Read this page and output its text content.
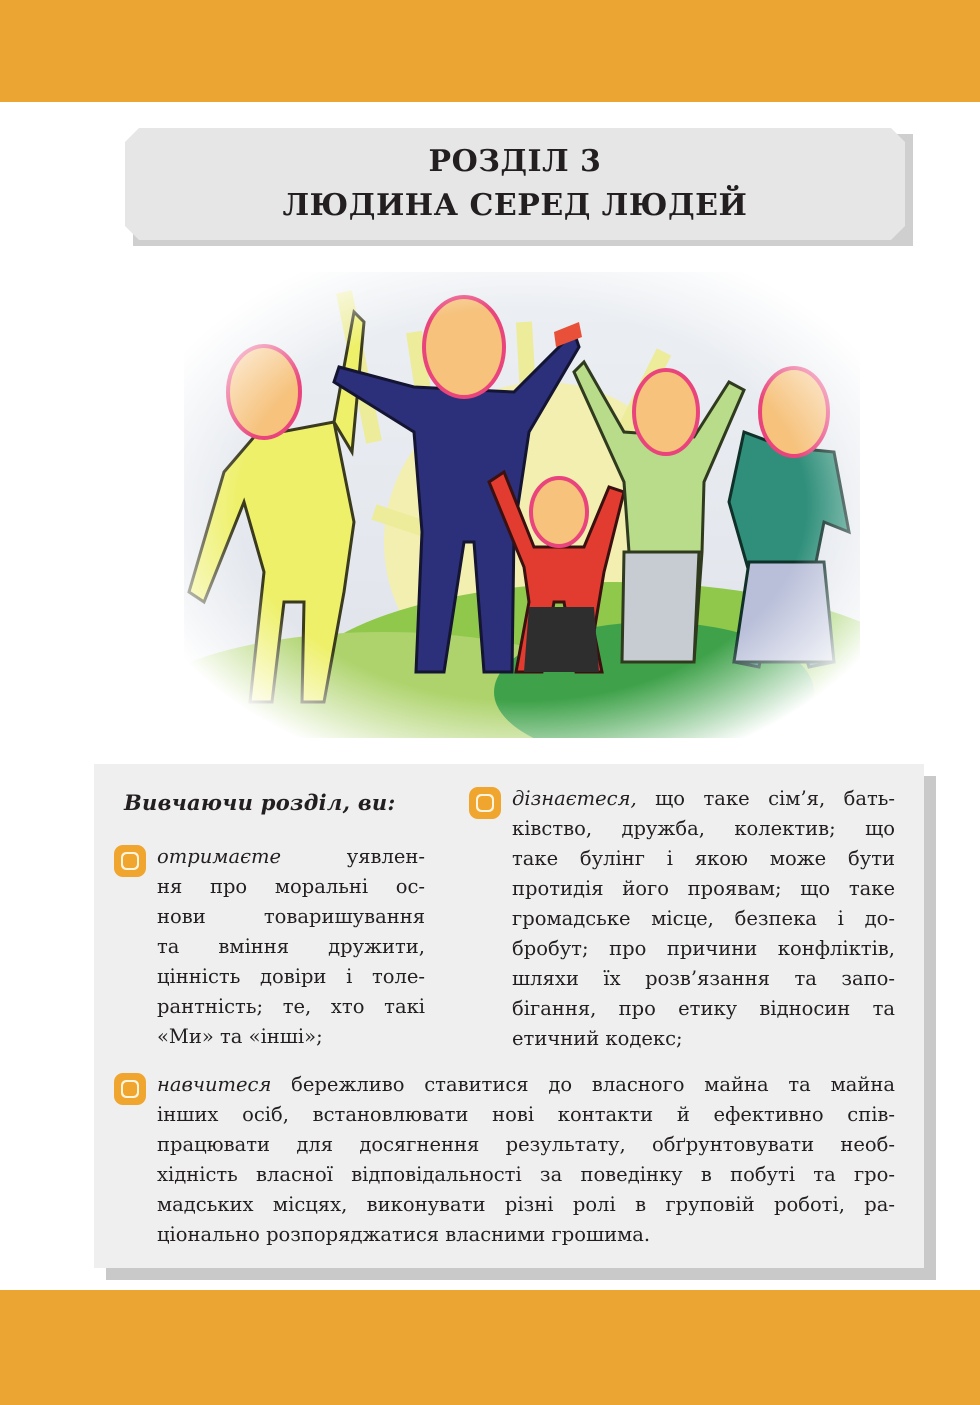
РОЗДІЛ 3
ЛЮДИНА СЕРЕД ЛЮДЕЙ
Вивчаючи розділ, ви:
отримаєте	уявлен-
ня про моральні ос-
нови товаришування
та вміння дружити,
цінність довіри і толе-
рантність; те, хто такі
«Ми» та «інші»;
дізнаєтеся, що таке сім’я, бать-
ківство, дружба, колектив; що
таке булінг і якою може бути
протидія його проявам; що таке
громадське місце, безпека і до-
бробут; про причини конфліктів,
шляхи їх розв’язання та запо-
бігання, про етику відносин та
етичний кодекс;
навчитеся бережливо ставитися до власного майна та майна
інших осіб, встановлювати нові контакти й ефективно спів-
працювати для досягнення результату, обґрунтовувати необ-
хідність власної відповідальності за поведінку в побуті та гро-
мадських місцях, виконувати різні ролі в груповій роботі, ра-
ціонально розпоряджатися власними грошима.
